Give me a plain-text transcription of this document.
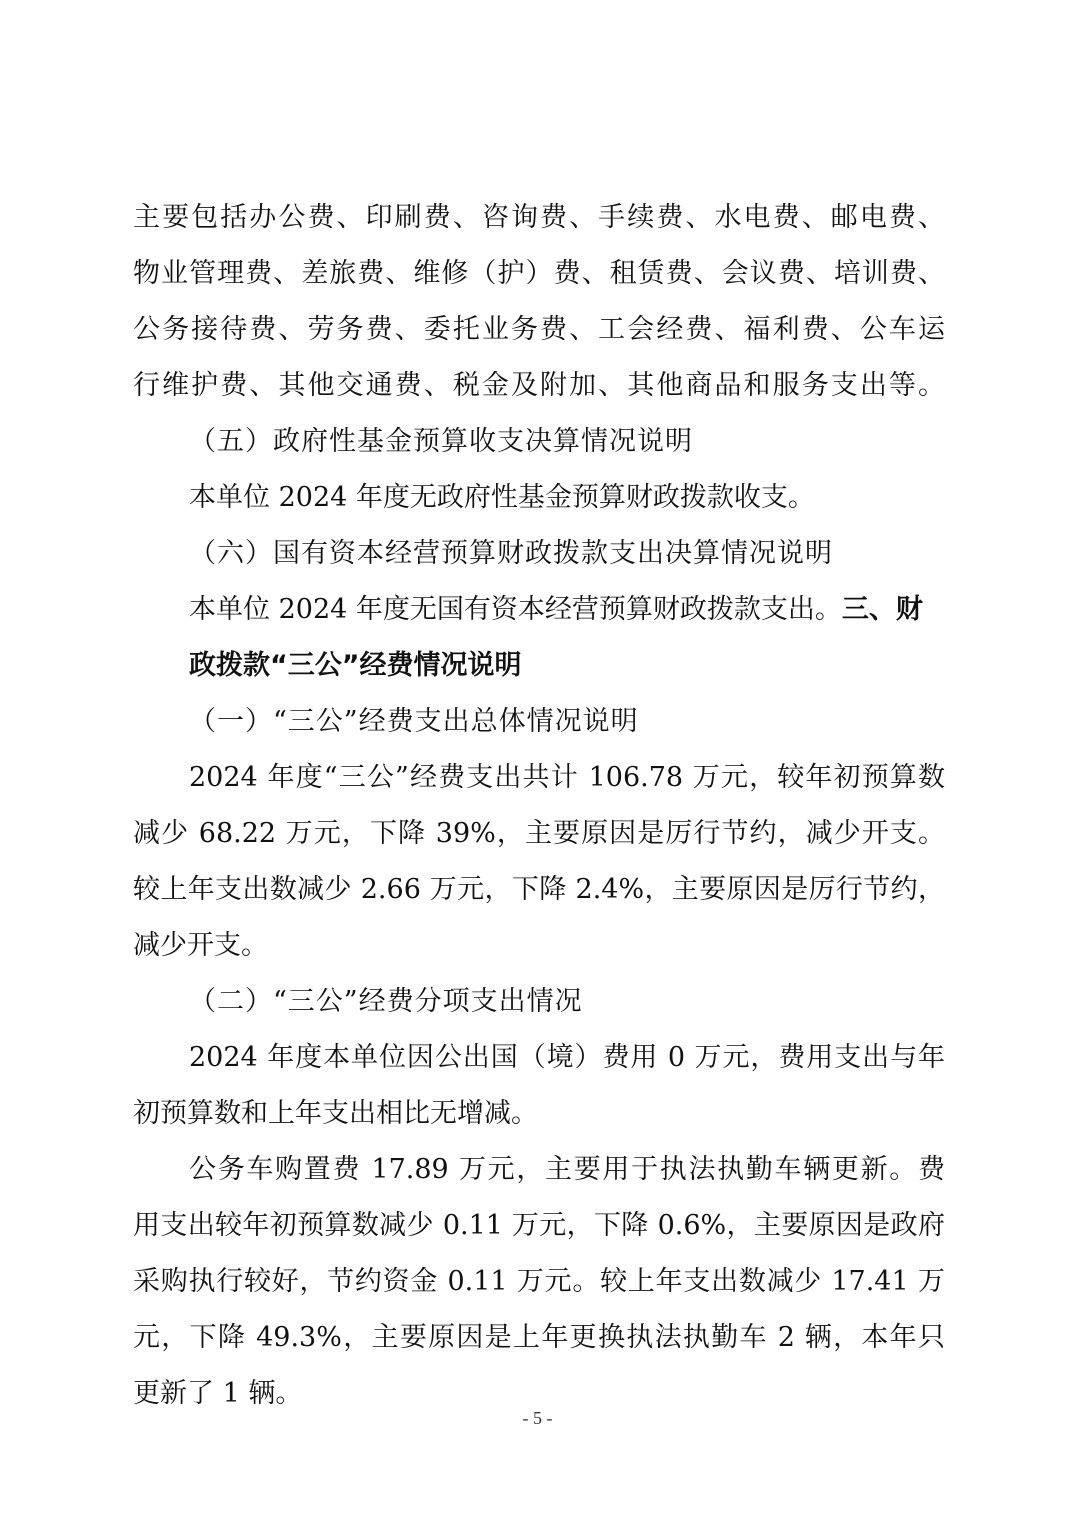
主要包括办公费、印刷费、咨询费、手续费、水电费、邮电费、
物业管理费、差旅费、维修（护）费、租赁费、会议费、培训费、
公务接待费、劳务费、委托业务费、工会经费、福利费、公车运
行维护费、其他交通费、税金及附加、其他商品和服务支出等。
（五）政府性基金预算收支决算情况说明
本单位 2024 年度无政府性基金预算财政拨款收支。
（六）国有资本经营预算财政拨款支出决算情况说明
本单位 2024 年度无国有资本经营预算财政拨款支出。三、财
政拨款“三公”经费情况说明
（一）“三公”经费支出总体情况说明
2024 年度“三公”经费支出共计 106.78 万元，较年初预算数
减少 68.22 万元，下降 39%，主要原因是厉行节约，减少开支。
较上年支出数减少 2.66 万元，下降 2.4%，主要原因是厉行节约，
减少开支。
（二）“三公”经费分项支出情况
2024 年度本单位因公出国（境）费用 0 万元，费用支出与年
初预算数和上年支出相比无增减。
公务车购置费 17.89 万元，主要用于执法执勤车辆更新。费
用支出较年初预算数减少 0.11 万元，下降 0.6%，主要原因是政府
采购执行较好，节约资金 0.11 万元。较上年支出数减少 17.41 万
元，下降 49.3%，主要原因是上年更换执法执勤车 2 辆，本年只
更新了 1 辆。
- 5 -
